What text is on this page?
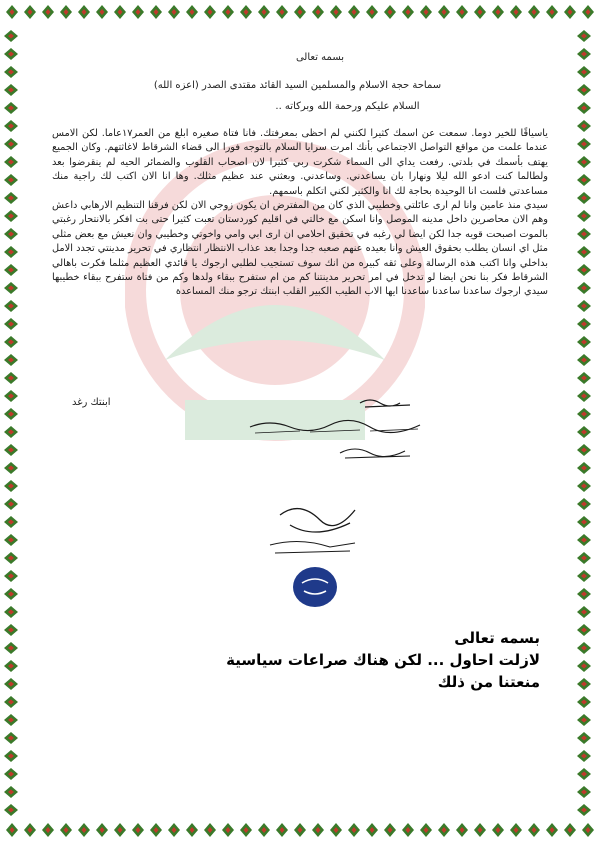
بسمه تعالى
سماحة حجة الاسلام والمسلمين السيد القائد مقتدى الصدر (اعزه الله)
السلام عليكم ورحمة الله وبركاته ..

ياسياقًا للخير دوما. سمعت عن اسمك كثيرا لكنني لم احظى بمعرفتك. فانا فتاة صغيره ابلغ من العمر١٧عاما. لكن الامس عندما علمت من مواقع التواصل الاجتماعي بأنك امرت سرايا السلام بالتوجه فورا الى قضاء الشرقاط لاغاثتهم. وكان الجميع يهتف بأسمك في بلدتي. رفعت يداي الى السماء شكرت ربي كثيرا لان اصحاب القلوب والضمائر الحيه لم ينقرضوا بعد ولطالما كنت ادعو الله ليلا ونهارا بان يساعدني. وساعدني. وبعثني عند عظيم مثلك. وها انا الان اكتب لك راجية منك مساعدتي فلست انا الوحيدة بحاجة لك انا والكثير لكني اتكلم باسمهم.

سيدي منذ عامين وانا لم ارى عائلتي وخطيبي الذي كان من المفترض ان يكون زوجي الان لكن فرقنا التنظيم الارهابي داعش وهم الان محاصرين داخل مدينه الموصل وانا اسكن مع خالتي في اقليم كوردستان تعبت كثيرا حتى بت افكر بالانتحار رغبتي بالموت اصبحت قويه جدا لكن ايضا لي رغبه في تحقيق احلامي ان ارى ابي وامي واخوتي وخطيبي وان نعيش مع بعض مثلي مثل اي انسان يطلب بحقوق العيش وانا بعيده عنهم صعبه جدا وجدا بعد عذاب الانتظار انتظاري في تحرير مدينتي تجدد الامل بداخلي وانا اكتب هذه الرسالة وعلى ثقه كبيره من انك سوف تستجيب لطلبي ارجوك يا قائدي العظيم مثلما فكرت باهالي الشرقاط فكر بنا نحن ايضا لو تدخل في امر تحرير مدينتنا كم من ام ستفرح ببقاء ولدها وكم من فتاة ستفرح ببقاء خطيبها سيدي ارجوك ساعدنا ساعدنا ساعدنا ايها الاب الطيب الكبير القلب ابنتك ترجو منك المساعدة

ابنتك رغد
بسمه تعالى
لازلت احاول ... لكن هناك صراعات سياسية
منعتنا من ذلك
